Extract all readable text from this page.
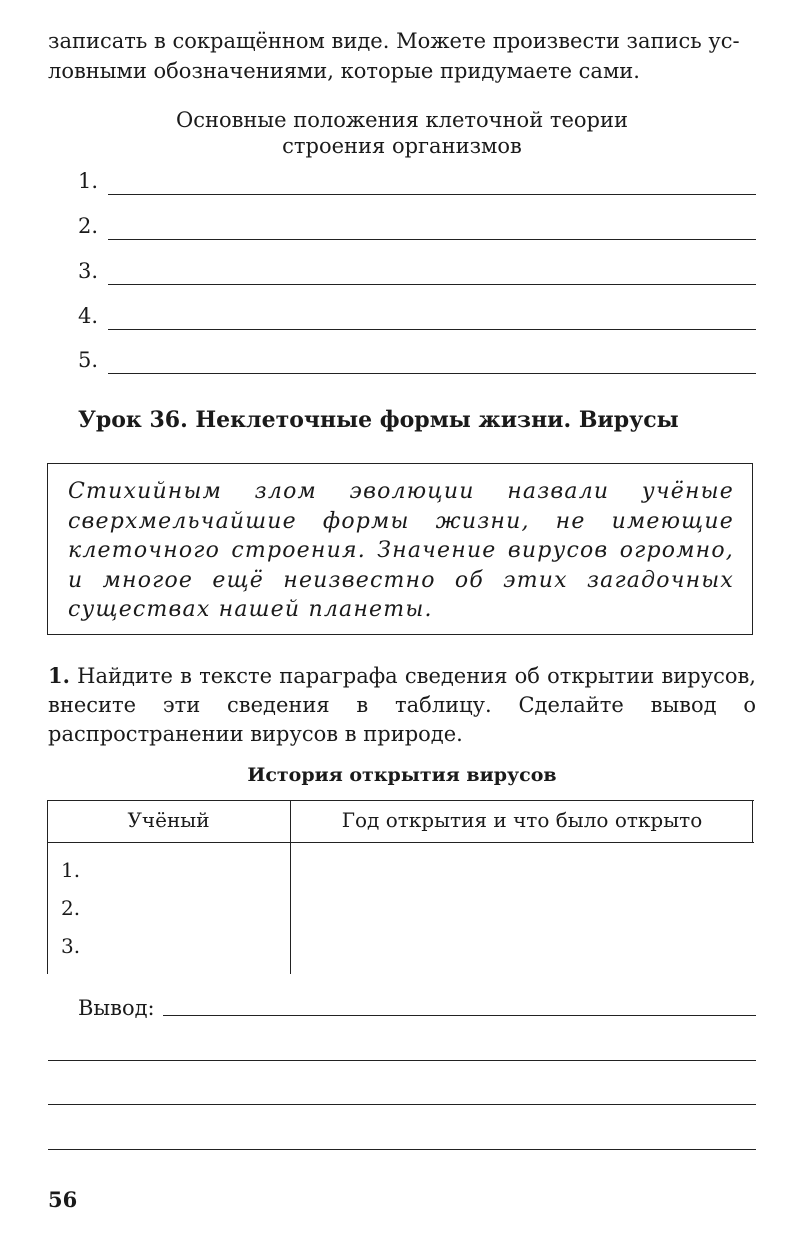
записать в сокращённом виде. Можете произвести запись ус-
ловными обозначениями, которые придумаете сами.
Основные положения клеточной теории
строения организмов
1.
2.
3.
4.
5.
Урок 36. Неклеточные формы жизни. Вирусы

Стихийным злом эволюции назвали учёные сверхмельчайшие формы жизни, не имеющие клеточного строения. Значение вирусов огромно, и многое ещё неизвестно об этих загадочных существах нашей планеты.

1. Найдите в тексте параграфа сведения об открытии вирусов, внесите эти сведения в таблицу. Сделайте вывод о распространении вирусов в природе.
История открытия вирусов
Учёный	Год открытия и что было открыто
1.
2.
3.
Вывод:
56
